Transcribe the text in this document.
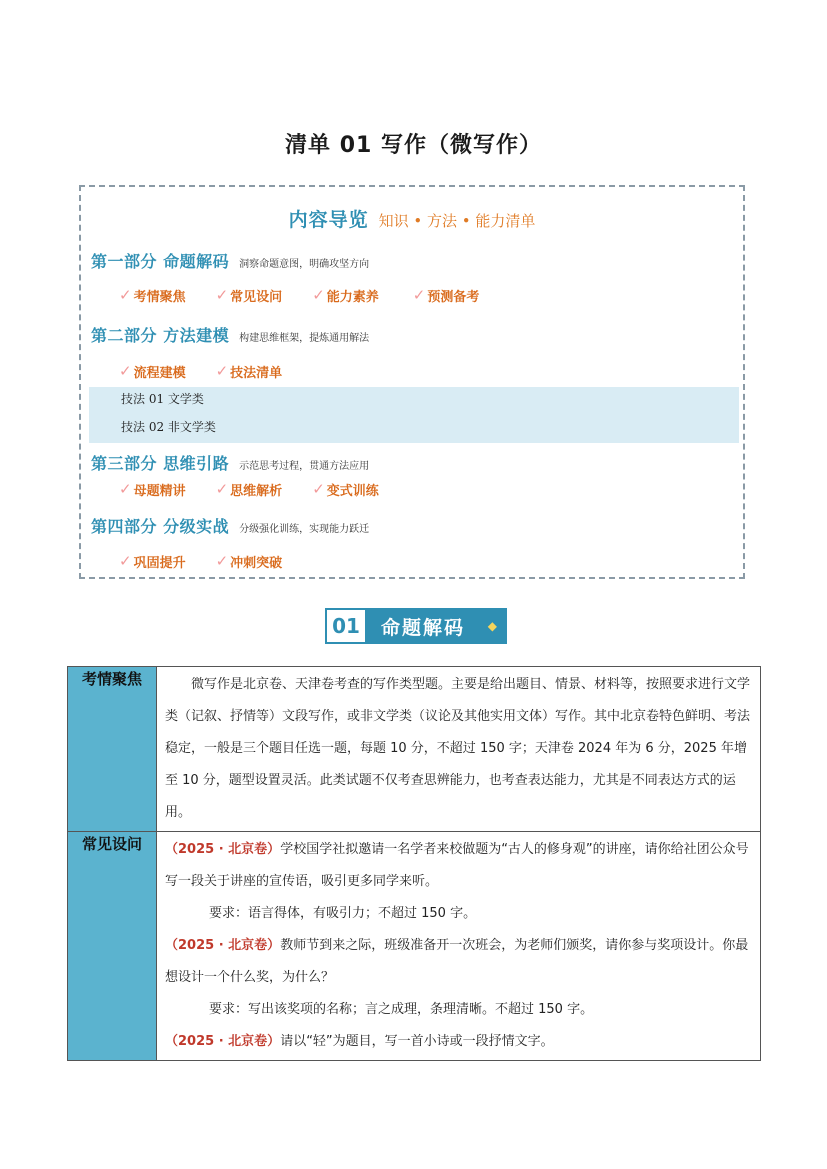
清单 01 写作（微写作）
内容导览 知识 • 方法 • 能力清单
第一部分 命题解码 洞察命题意图，明确攻坚方向
✓ 考情聚焦 ✓ 常见设问 ✓ 能力素养 ✓ 预测备考
第二部分 方法建模 构建思维框架，提炼通用解法
✓ 流程建模 ✓ 技法清单
技法 01 文学类
技法 02 非文学类
第三部分 思维引路 示范思考过程，贯通方法应用
✓ 母题精讲 ✓ 思维解析 ✓ 变式训练
第四部分 分级实战 分级强化训练，实现能力跃迁
✓ 巩固提升 ✓ 冲刺突破
01	命题解码 ◆
考情聚焦	微写作是北京卷、天津卷考查的写作类型题。主要是给出题目、情景、材料等，按照要求进行文学类（记叙、抒情等）文段写作，或非文学类（议论及其他实用文体）写作。其中北京卷特色鲜明、考法稳定，一般是三个题目任选一题，每题 10 分，不超过 150 字；天津卷 2024 年为 6 分，2025 年增至 10 分，题型设置灵活。此类试题不仅考查思辨能力，也考查表达能力，尤其是不同表达方式的运用。

常见设问	（2025 · 北京卷）学校国学社拟邀请一名学者来校做题为“古人的修身观”的讲座，请你给社团公众号写一段关于讲座的宣传语，吸引更多同学来听。

要求：语言得体，有吸引力；不超过 150 字。

（2025 · 北京卷）教师节到来之际，班级准备开一次班会，为老师们颁奖，请你参与奖项设计。你最想设计一个什么奖，为什么？

要求：写出该奖项的名称；言之成理，条理清晰。不超过 150 字。

（2025 · 北京卷）请以“轻”为题目，写一首小诗或一段抒情文字。
